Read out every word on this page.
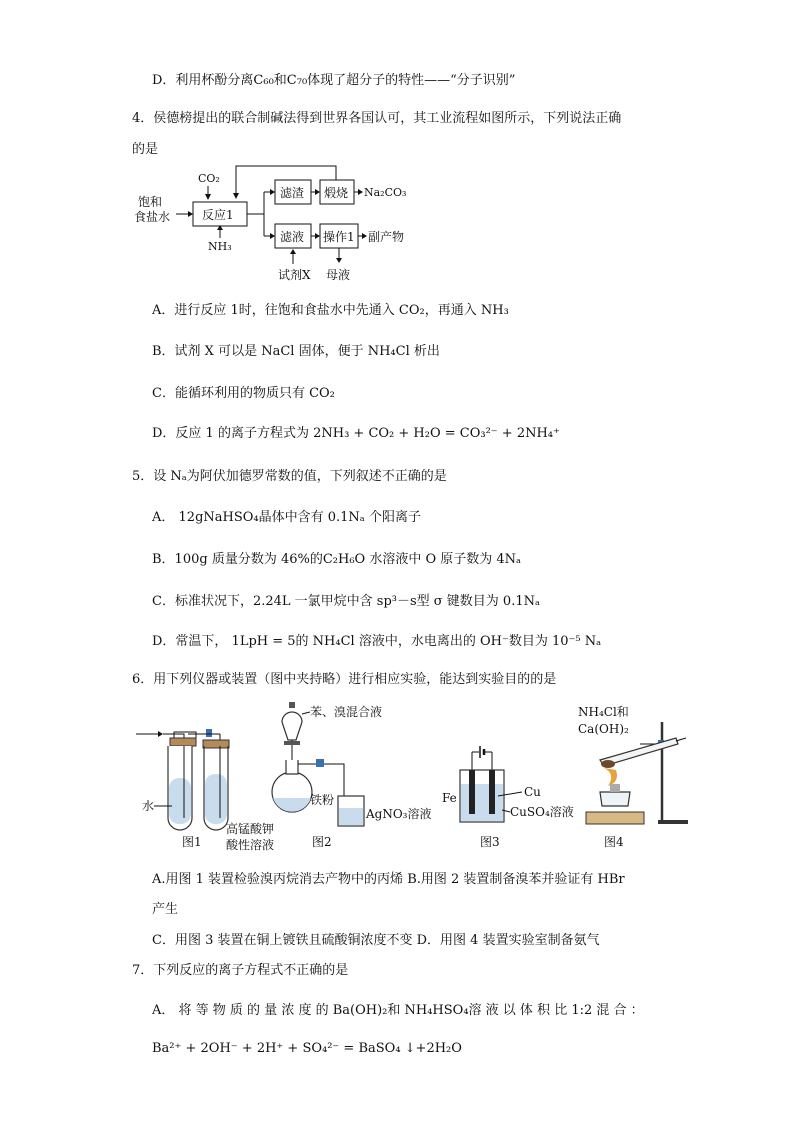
D．利用杯酚分离C₆₀和C₇₀体现了超分子的特性——“分子识别”
4．侯德榜提出的联合制碱法得到世界各国认可，其工业流程如图所示，下列说法正确
的是
CO₂
饱和
食盐水	反应1
NH₃
滤渣 煅烧 Na₂CO₃
滤液 操作1 副产物
试剂X 母液
A．进行反应 1时，往饱和食盐水中先通入 CO₂，再通入 NH₃
B．试剂 X 可以是 NaCl 固体，便于 NH₄Cl 析出
C．能循环利用的物质只有 CO₂
D．反应 1 的离子方程式为 2NH₃ + CO₂ + H₂O = CO₃²⁻ + 2NH₄⁺
5．设 Nₐ为阿伏加德罗常数的值，下列叙述不正确的是
A． 12gNaHSO₄晶体中含有 0.1Nₐ 个阳离子
B．100g 质量分数为 46%的C₂H₆O 水溶液中 O 原子数为 4Nₐ
C．标准状况下，2.24L 一氯甲烷中含 sp³－s型 σ 键数目为 0.1Nₐ
D．常温下， 1LpH = 5的 NH₄Cl 溶液中，水电离出的 OH⁻数目为 10⁻⁵ Nₐ
6．用下列仪器或装置（图中夹持略）进行相应实验，能达到实验目的的是
水
高锰酸钾
酸性溶液
图1
苯、溴混合液
铁粉
AgNO₃溶液
图2
Fe	Cu
CuSO₄溶液
图3
NH₄Cl和
Ca(OH)₂
图4
A.用图 1 装置检验溴丙烷消去产物中的丙烯 B.用图 2 装置制备溴苯并验证有 HBr
产生
C．用图 3 装置在铜上镀铁且硫酸铜浓度不变 D．用图 4 装置实验室制备氨气
7．下列反应的离子方程式不正确的是
A． 将 等 物 质 的 量 浓 度 的 Ba(OH)₂和 NH₄HSO₄溶 液 以 体 积 比 1:2 混 合 ：
Ba²⁺ + 2OH⁻ + 2H⁺ + SO₄²⁻ = BaSO₄ ↓+2H₂O
